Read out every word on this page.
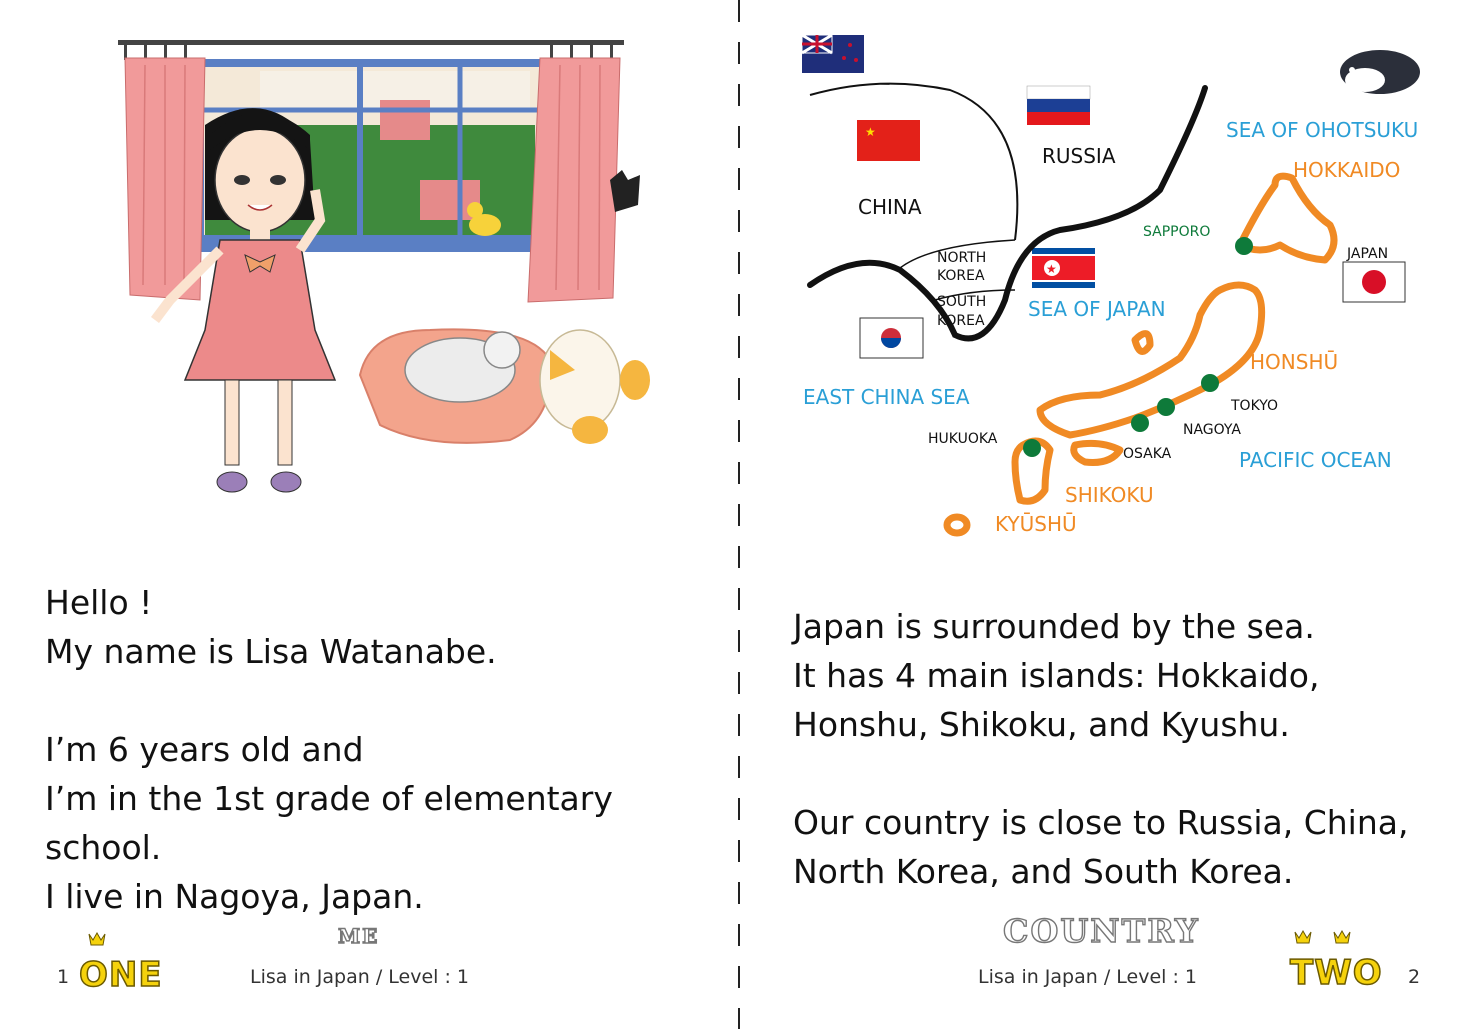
Hello !
My name is Lisa Watanabe.

I’m 6 years old and
I’m in the 1st grade of elementary
school.
I live in Nagoya, Japan.
ME
1 ONE	Lisa in Japan / Level : 1
★
★
RUSSIA
CHINA
NORTH
KOREA
SOUTH
KOREA
SEA OF OHOTSUKU
HOKKAIDO
SAPPORO
JAPAN
SEA OF JAPAN
HONSHŪ
TOKYO
NAGOYA
OSAKA
EAST CHINA SEA
HUKUOKA
PACIFIC OCEAN
SHIKOKU
KYŪSHŪ
Japan is surrounded by the sea.
It has 4 main islands: Hokkaido,
Honshu, Shikoku, and Kyushu.

Our country is close to Russia, China,
North Korea, and South Korea.
COUNTRY
Lisa in Japan / Level : 1	TWO 2
